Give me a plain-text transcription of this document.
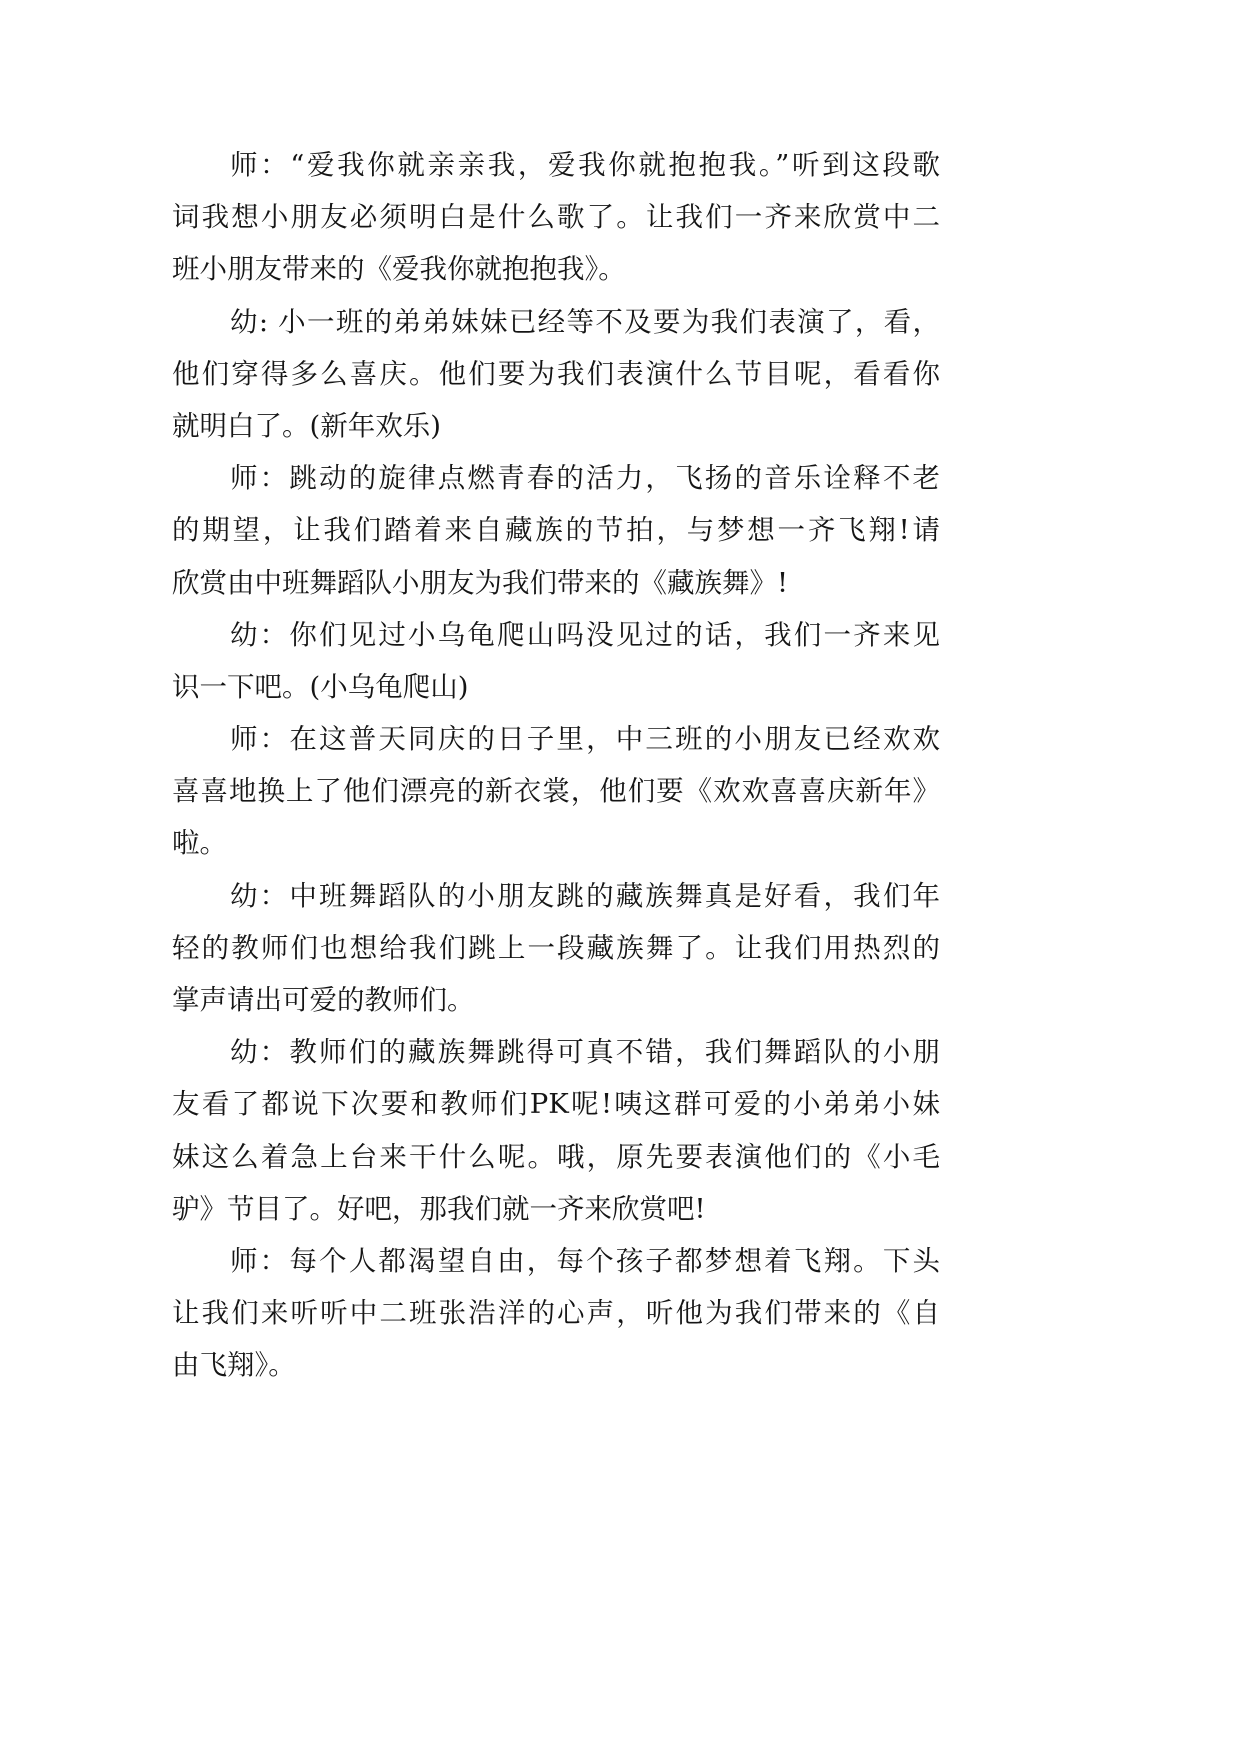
师：“爱我你就亲亲我，爱我你就抱抱我。”听到这段歌
词我想小朋友必须明白是什么歌了。让我们一齐来欣赏中二
班小朋友带来的《爱我你就抱抱我》。
幼: 小一班的弟弟妹妹已经等不及要为我们表演了，看，
他们穿得多么喜庆。他们要为我们表演什么节目呢，看看你
就明白了。(新年欢乐)
师：跳动的旋律点燃青春的活力，飞扬的音乐诠释不老
的期望，让我们踏着来自藏族的节拍，与梦想一齐飞翔!请
欣赏由中班舞蹈队小朋友为我们带来的《藏族舞》!
幼：你们见过小乌龟爬山吗没见过的话，我们一齐来见
识一下吧。(小乌龟爬山)
师：在这普天同庆的日子里，中三班的小朋友已经欢欢
喜喜地换上了他们漂亮的新衣裳，他们要《欢欢喜喜庆新年》
啦。
幼：中班舞蹈队的小朋友跳的藏族舞真是好看，我们年
轻的教师们也想给我们跳上一段藏族舞了。让我们用热烈的
掌声请出可爱的教师们。
幼：教师们的藏族舞跳得可真不错，我们舞蹈队的小朋
友看了都说下次要和教师们PK呢!咦这群可爱的小弟弟小妹
妹这么着急上台来干什么呢。哦，原先要表演他们的《小毛
驴》节目了。好吧，那我们就一齐来欣赏吧!
师：每个人都渴望自由，每个孩子都梦想着飞翔。下头
让我们来听听中二班张浩洋的心声，听他为我们带来的《自
由飞翔》。
